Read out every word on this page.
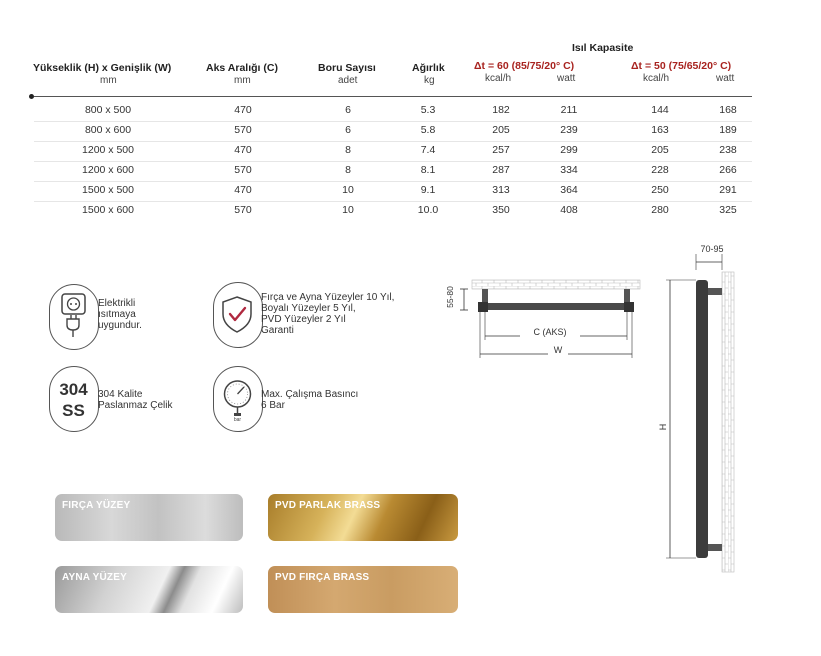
Isıl Kapasite
Yükseklik (H) x Genişlik (W)	Aks Aralığı (C)	Boru Sayısı	Ağırlık	Δt = 60 (85/75/20° C)	Δt = 50 (75/65/20° C)
mm	mm	adet	kg	kcal/h	watt	kcal/h	watt
800 x 500	470	6	5.3	182	211	144	168
800 x 600	570	6	5.8	205	239	163	189
1200 x 500	470	8	7.4	257	299	205	238
1200 x 600	570	8	8.1	287	334	228	266
1500 x 500	470	10	9.1	313	364	250	291
1500 x 600	570	10	10.0	350	408	280	325
Elektrikli ısıtmaya uygundur.
Fırça ve Ayna Yüzeyler 10 Yıl,
Boyalı Yüzeyler 5 Yıl,
PVD Yüzeyler 2 Yıl
Garanti
304
SS
304 Kalite
Paslanmaz Çelik
bar
Max. Çalışma Basıncı
6 Bar
55-80
C (AKS)
W
70-95
H
FIRÇA YÜZEY	PVD PARLAK BRASS
AYNA YÜZEY	PVD FIRÇA BRASS
